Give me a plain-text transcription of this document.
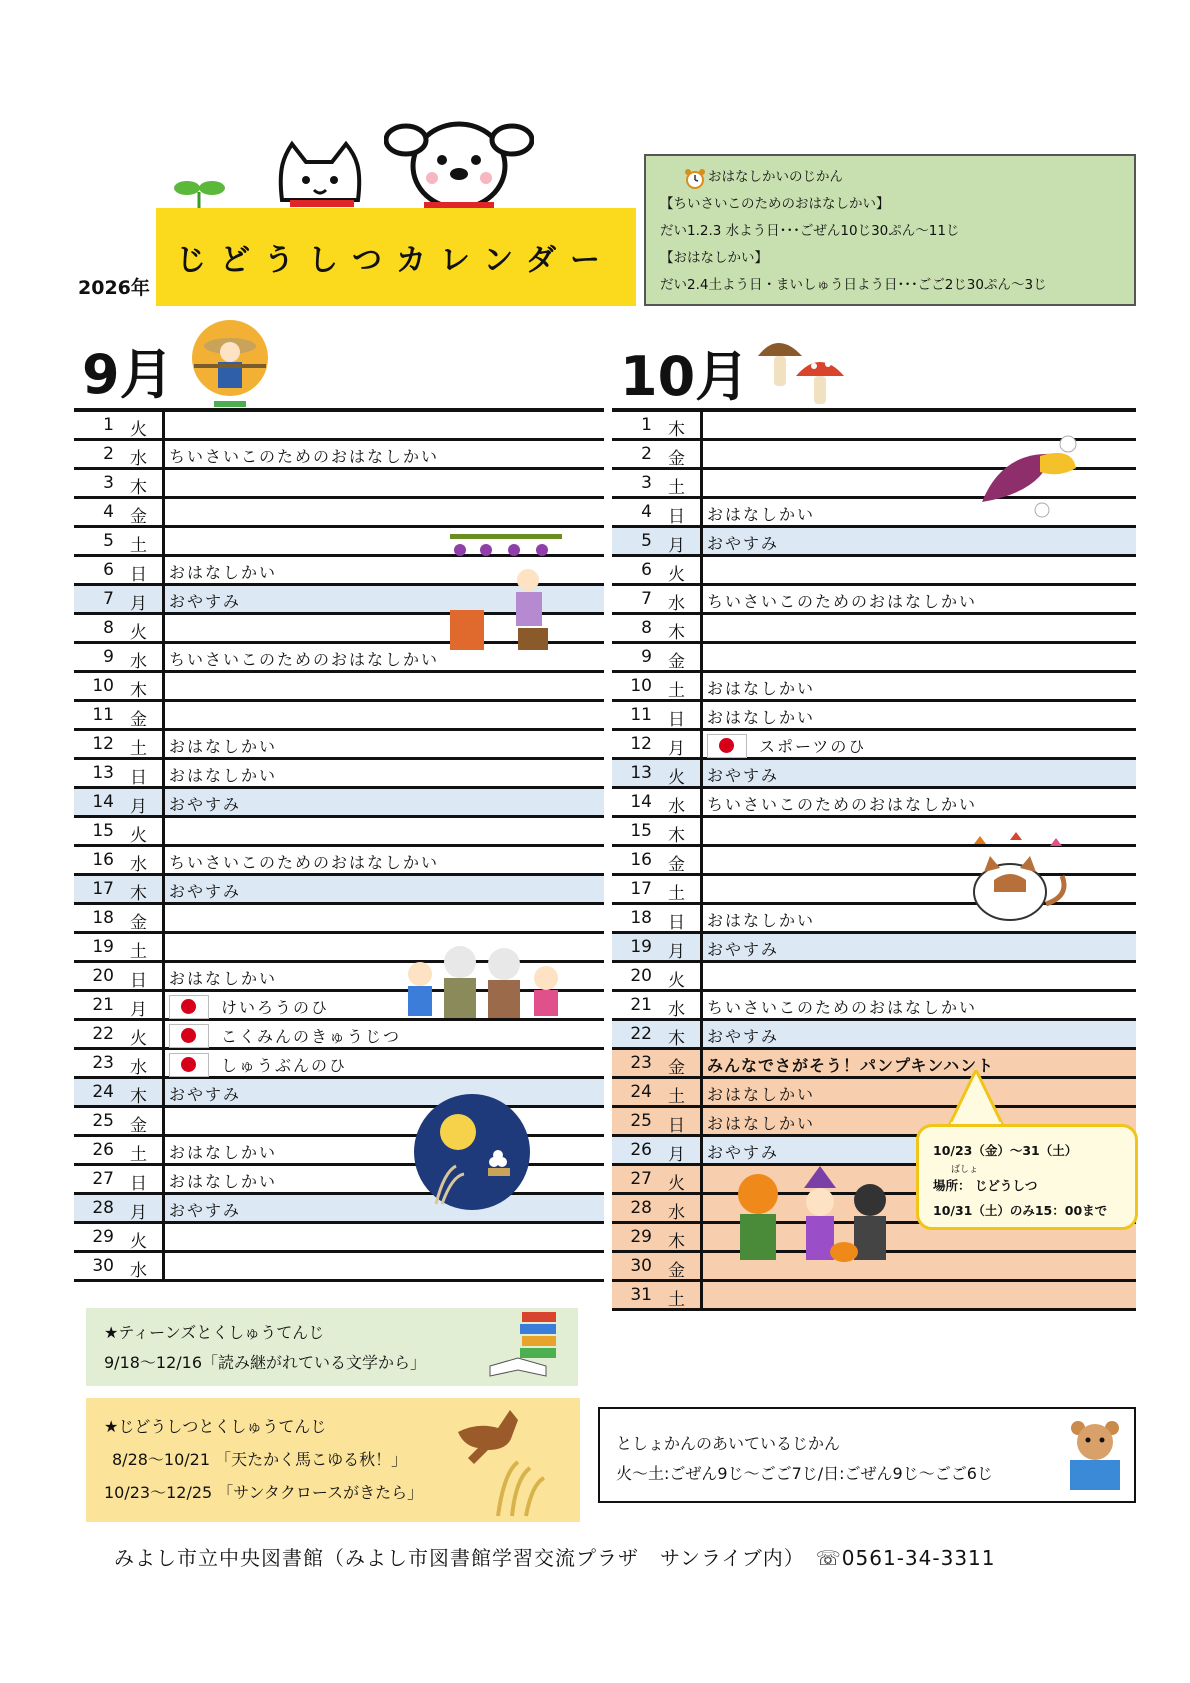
2026年
じどうしつカレンダー
おはなしかいのじかん
【ちいさいこのためのおはなしかい】
だい1.2.3 水よう日･･･ごぜん10じ30ぷん～11じ
【おはなしかい】
だい2.4土よう日・まいしゅう日よう日･･･ごご2じ30ぷん～3じ
9月	10月
1 火
2 水 ちいさいこのためのおはなしかい
3 木
4 金
5 土
6 日 おはなしかい
7 月 おやすみ
8 火
9 水 ちいさいこのためのおはなしかい
10 木
11 金
12 土 おはなしかい
13 日 おはなしかい
14 月 おやすみ
15 火
16 水 ちいさいこのためのおはなしかい
17 木 おやすみ
18 金
19 土
20 日 おはなしかい
21 月	けいろうのひ
22 火	こくみんのきゅうじつ
23 水	しゅうぶんのひ
24 木 おやすみ
25 金
26 土 おはなしかい
27 日 おはなしかい
28 月 おやすみ
29 火
30 水
1 木
2 金
3 土
4 日 おはなしかい
5 月 おやすみ
6 火
7 水 ちいさいこのためのおはなしかい
8 木
9 金
10 土 おはなしかい
11 日 おはなしかい
12 月	スポーツのひ
13 火 おやすみ
14 水 ちいさいこのためのおはなしかい
15 木
16 金
17 土
18 日 おはなしかい
19 月 おやすみ
20 火
21 水 ちいさいこのためのおはなしかい
22 木 おやすみ
23 金 みんなでさがそう！パンプキンハント
24 土 おはなしかい
25 日 おはなしかい
26 月 おやすみ
27 火
28 水
29 木
30 金
31 土
10/23（金）～31（土）
ばしょ
場所： じどうしつ
10/31（土）のみ15：00まで
★ティーンズとくしゅうてんじ
9/18～12/16「読み継がれている文学から」
★じどうしつとくしゅうてんじ
8/28～10/21 「天たかく馬こゆる秋！」
10/23～12/25 「サンタクロースがきたら」
としょかんのあいているじかん
火～土:ごぜん9じ～ごご7じ/日:ごぜん9じ～ごご6じ
みよし市立中央図書館（みよし市図書館学習交流プラザ　サンライブ内）　☏0561-34-3311
